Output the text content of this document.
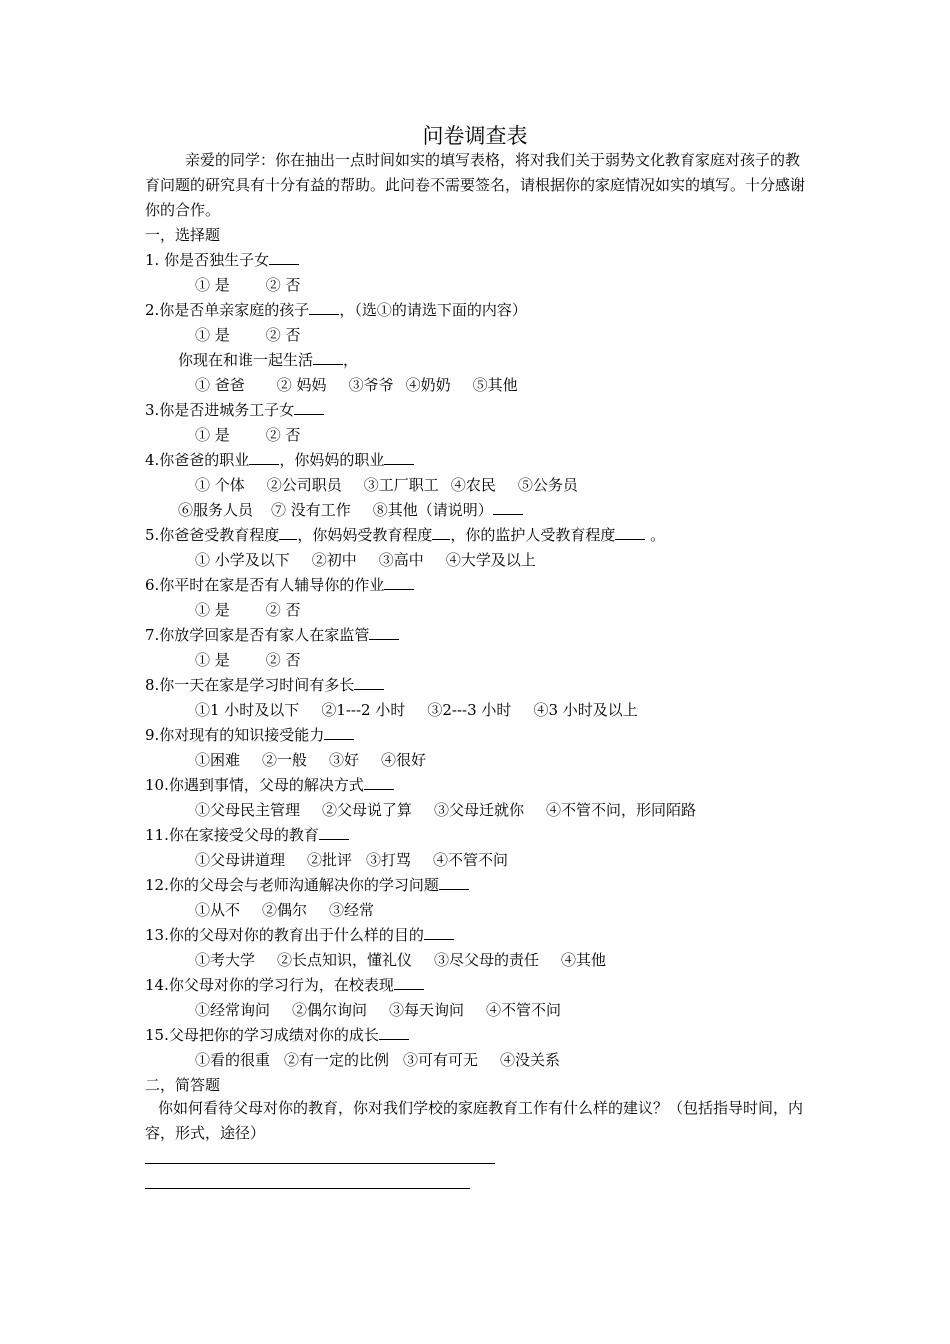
问卷调查表
亲爱的同学：你在抽出一点时间如实的填写表格，将对我们关于弱势文化教育家庭对孩子的教育问题的研究具有十分有益的帮助。此问卷不需要签名，请根据你的家庭情况如实的填写。十分感谢你的合作。
一，选择题
1. 你是否独生子女
① 是 ② 否
2.你是否单亲家庭的孩子 ，（选①的请选下面的内容）
① 是 ② 否
你现在和谁一起生活 ，
① 爸爸 ② 妈妈 ③爷爷 ④奶奶 ⑤其他
3.你是否进城务工子女
① 是 ② 否
4.你爸爸的职业 ，你妈妈的职业
① 个体 ②公司职员 ③工厂职工 ④农民 ⑤公务员
⑥服务人员 ⑦ 没有工作 ⑧其他（请说明）
5.你爸爸受教育程度 ，你妈妈受教育程度 ，你的监护人受教育程度 。
① 小学及以下 ②初中 ③高中 ④大学及以上
6.你平时在家是否有人辅导你的作业
① 是 ② 否
7.你放学回家是否有家人在家监管
① 是 ② 否
8.你一天在家是学习时间有多长
①1 小时及以下 ②1---2 小时 ③2---3 小时 ④3 小时及以上
9.你对现有的知识接受能力
①困难 ②一般 ③好 ④很好
10.你遇到事情，父母的解决方式
①父母民主管理 ②父母说了算 ③父母迁就你 ④不管不问，形同陌路
11.你在家接受父母的教育
①父母讲道理 ②批评 ③打骂 ④不管不问
12.你的父母会与老师沟通解决你的学习问题
①从不 ②偶尔 ③经常
13.你的父母对你的教育出于什么样的目的
①考大学 ②长点知识，懂礼仪 ③尽父母的责任 ④其他
14.你父母对你的学习行为，在校表现
①经常询问 ②偶尔询问 ③每天询问 ④不管不问
15.父母把你的学习成绩对你的成长
①看的很重 ②有一定的比例 ③可有可无 ④没关系
二，简答题
你如何看待父母对你的教育，你对我们学校的家庭教育工作有什么样的建议？（包括指导时间，内容，形式，途径）
